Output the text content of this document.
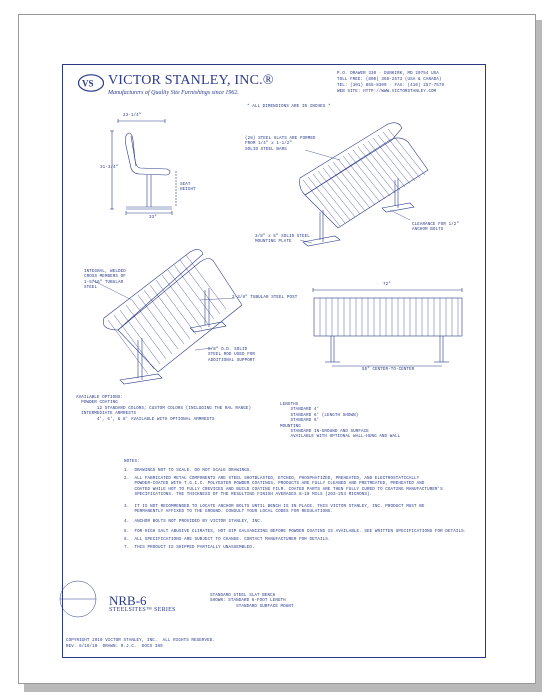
VS VICTOR STANLEY, INC.®
Manufacturers of Quality Site Furnishings since 1962.
P.O. DRAWER 330 · DUNKIRK, MD 20754 USA
TOLL FREE: (800) 368-2573 (USA & CANADA)
TEL: (301) 855-8300 · FAX: (410) 257-7579
WEB SITE: HTTP://WWW.VICTORSTANLEY.COM
* ALL DIMENSIONS ARE IN INCHES *
23-1/4"
31-3/4"
33"
SEAT
HEIGHT
(28) STEEL SLATS ARE FORMED
FROM 1/4" x 1-1/2"
SOLID STEEL BARS
CLEARANCE FOR 1/2"
ANCHOR BOLTS
3/8" x 5" SOLID STEEL
MOUNTING PLATE
INTEGRAL, WELDED
CROSS MEMBERS OF
1-5/16" TUBULAR
STEEL
2-3/8" TUBULAR STEEL POST
5/8" O.D. SOLID
STEEL ROD USED FOR
ADDITIONAL SUPPORT
72"
55" CENTER-TO-CENTER
AVAILABLE OPTIONS:
POWDER COATING
12 STANDARD COLORS; CUSTOM COLORS (INCLUDING THE RAL RANGE)
INTERMEDIATE ARMRESTS
4', 6', & 8' AVAILABLE WITH OPTIONAL ARMRESTS
LENGTHS
STANDARD 4'
STANDARD 6' (LENGTH SHOWN)
STANDARD 8'
MOUNTING
STANDARD IN-GROUND AND SURFACE
AVAILABLE WITH OPTIONAL WALL-HUNG AND WALL
NOTES:
1.  DRAWINGS NOT TO SCALE. DO NOT SCALE DRAWINGS.
2.  ALL FABRICATED METAL COMPONENTS ARE STEEL SHOTBLASTED, ETCHED, PHOSPHATIZED, PREHEATED, AND ELECTROSTATICALLY
POWDER-COATED WITH T.G.I.C. POLYESTER POWDER COATINGS. PRODUCTS ARE FULLY CLEANED AND PRETREATED, PREHEATED AND
COATED WHILE HOT TO FULLY CREVICES AND BUILD COATING FILM. COATED PARTS ARE THEN FULLY CURED TO COATING MANUFACTURER'S
SPECIFICATIONS. THE THICKNESS OF THE RESULTING FINISH AVERAGES 8-10 MILS (203-254 MICRONS).
3.  IT IS NOT RECOMMENDED TO LOCATE ANCHOR BOLTS UNTIL BENCH IS IN PLACE. THIS VICTOR STANLEY, INC. PRODUCT MUST BE
PERMANENTLY AFFIXED TO THE GROUND. CONSULT YOUR LOCAL CODES FOR REGULATIONS.
4.  ANCHOR BOLTS NOT PROVIDED BY VICTOR STANLEY, INC.
5.  FOR HIGH SALT ABUSIVE CLIMATES, HOT DIP GALVANIZING BEFORE POWDER COATING IS AVAILABLE. SEE WRITTEN SPECIFICATIONS FOR DETAILS.
6.  ALL SPECIFICATIONS ARE SUBJECT TO CHANGE. CONTACT MANUFACTURER FOR DETAILS.
7.  THIS PRODUCT IS SHIPPED PARTIALLY UNASSEMBLED.
NRB-6
STEELSITES™ SERIES
STANDARD STEEL SLAT BENCH
SHOWN: STANDARD 6-FOOT LENGTH
STANDARD SURFACE MOUNT
COPYRIGHT 2010 VICTOR STANLEY, INC.  ALL RIGHTS RESERVED.
REV. 6/16/10  DRAWN: R.J.C.  DOCS 389
